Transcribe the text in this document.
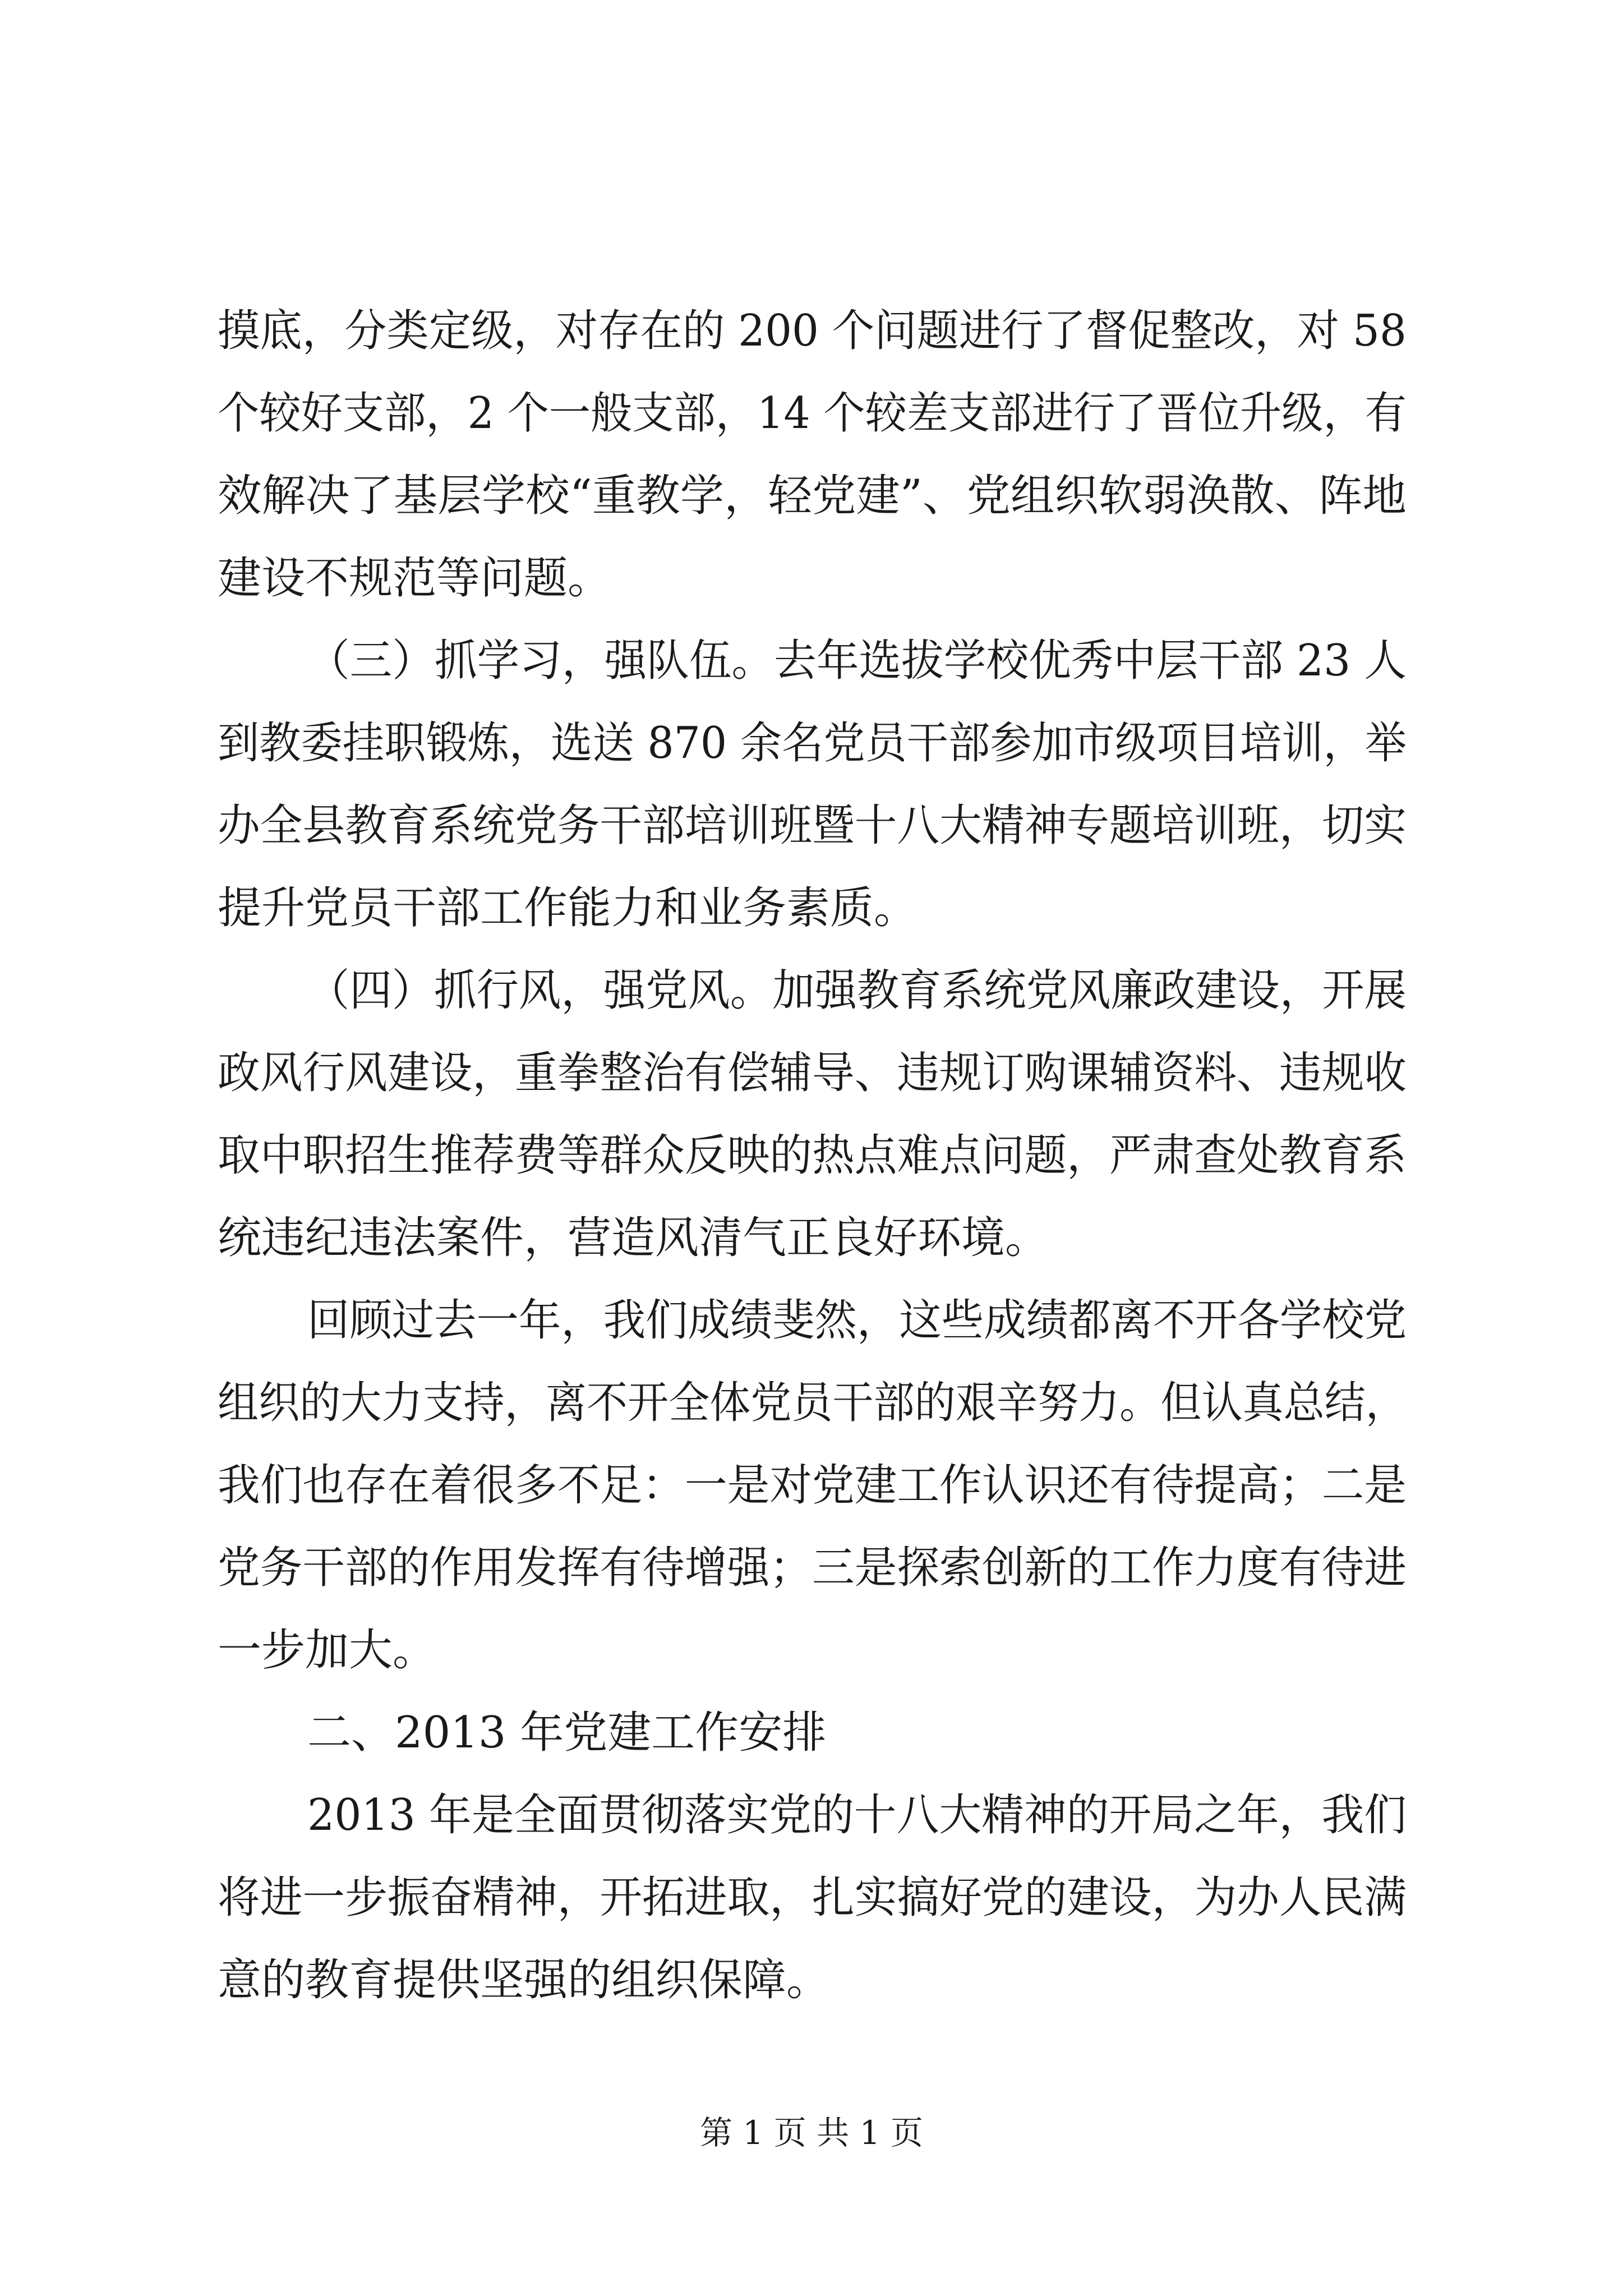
摸底，分类定级，对存在的 200 个问题进行了督促整改，对 58
个较好支部，2 个一般支部，14 个较差支部进行了晋位升级，有
效解决了基层学校“重教学，轻党建”、党组织软弱涣散、阵地
建设不规范等问题。
（三）抓学习，强队伍。去年选拔学校优秀中层干部 23 人
到教委挂职锻炼，选送 870 余名党员干部参加市级项目培训，举
办全县教育系统党务干部培训班暨十八大精神专题培训班，切实
提升党员干部工作能力和业务素质。
（四）抓行风，强党风。加强教育系统党风廉政建设，开展
政风行风建设，重拳整治有偿辅导、违规订购课辅资料、违规收
取中职招生推荐费等群众反映的热点难点问题，严肃查处教育系
统违纪违法案件，营造风清气正良好环境。
回顾过去一年，我们成绩斐然，这些成绩都离不开各学校党
组织的大力支持，离不开全体党员干部的艰辛努力。但认真总结，
我们也存在着很多不足：一是对党建工作认识还有待提高；二是
党务干部的作用发挥有待增强；三是探索创新的工作力度有待进
一步加大。
二、2013 年党建工作安排
2013 年是全面贯彻落实党的十八大精神的开局之年，我们
将进一步振奋精神，开拓进取，扎实搞好党的建设，为办人民满
意的教育提供坚强的组织保障。
第 1 页 共 1 页
